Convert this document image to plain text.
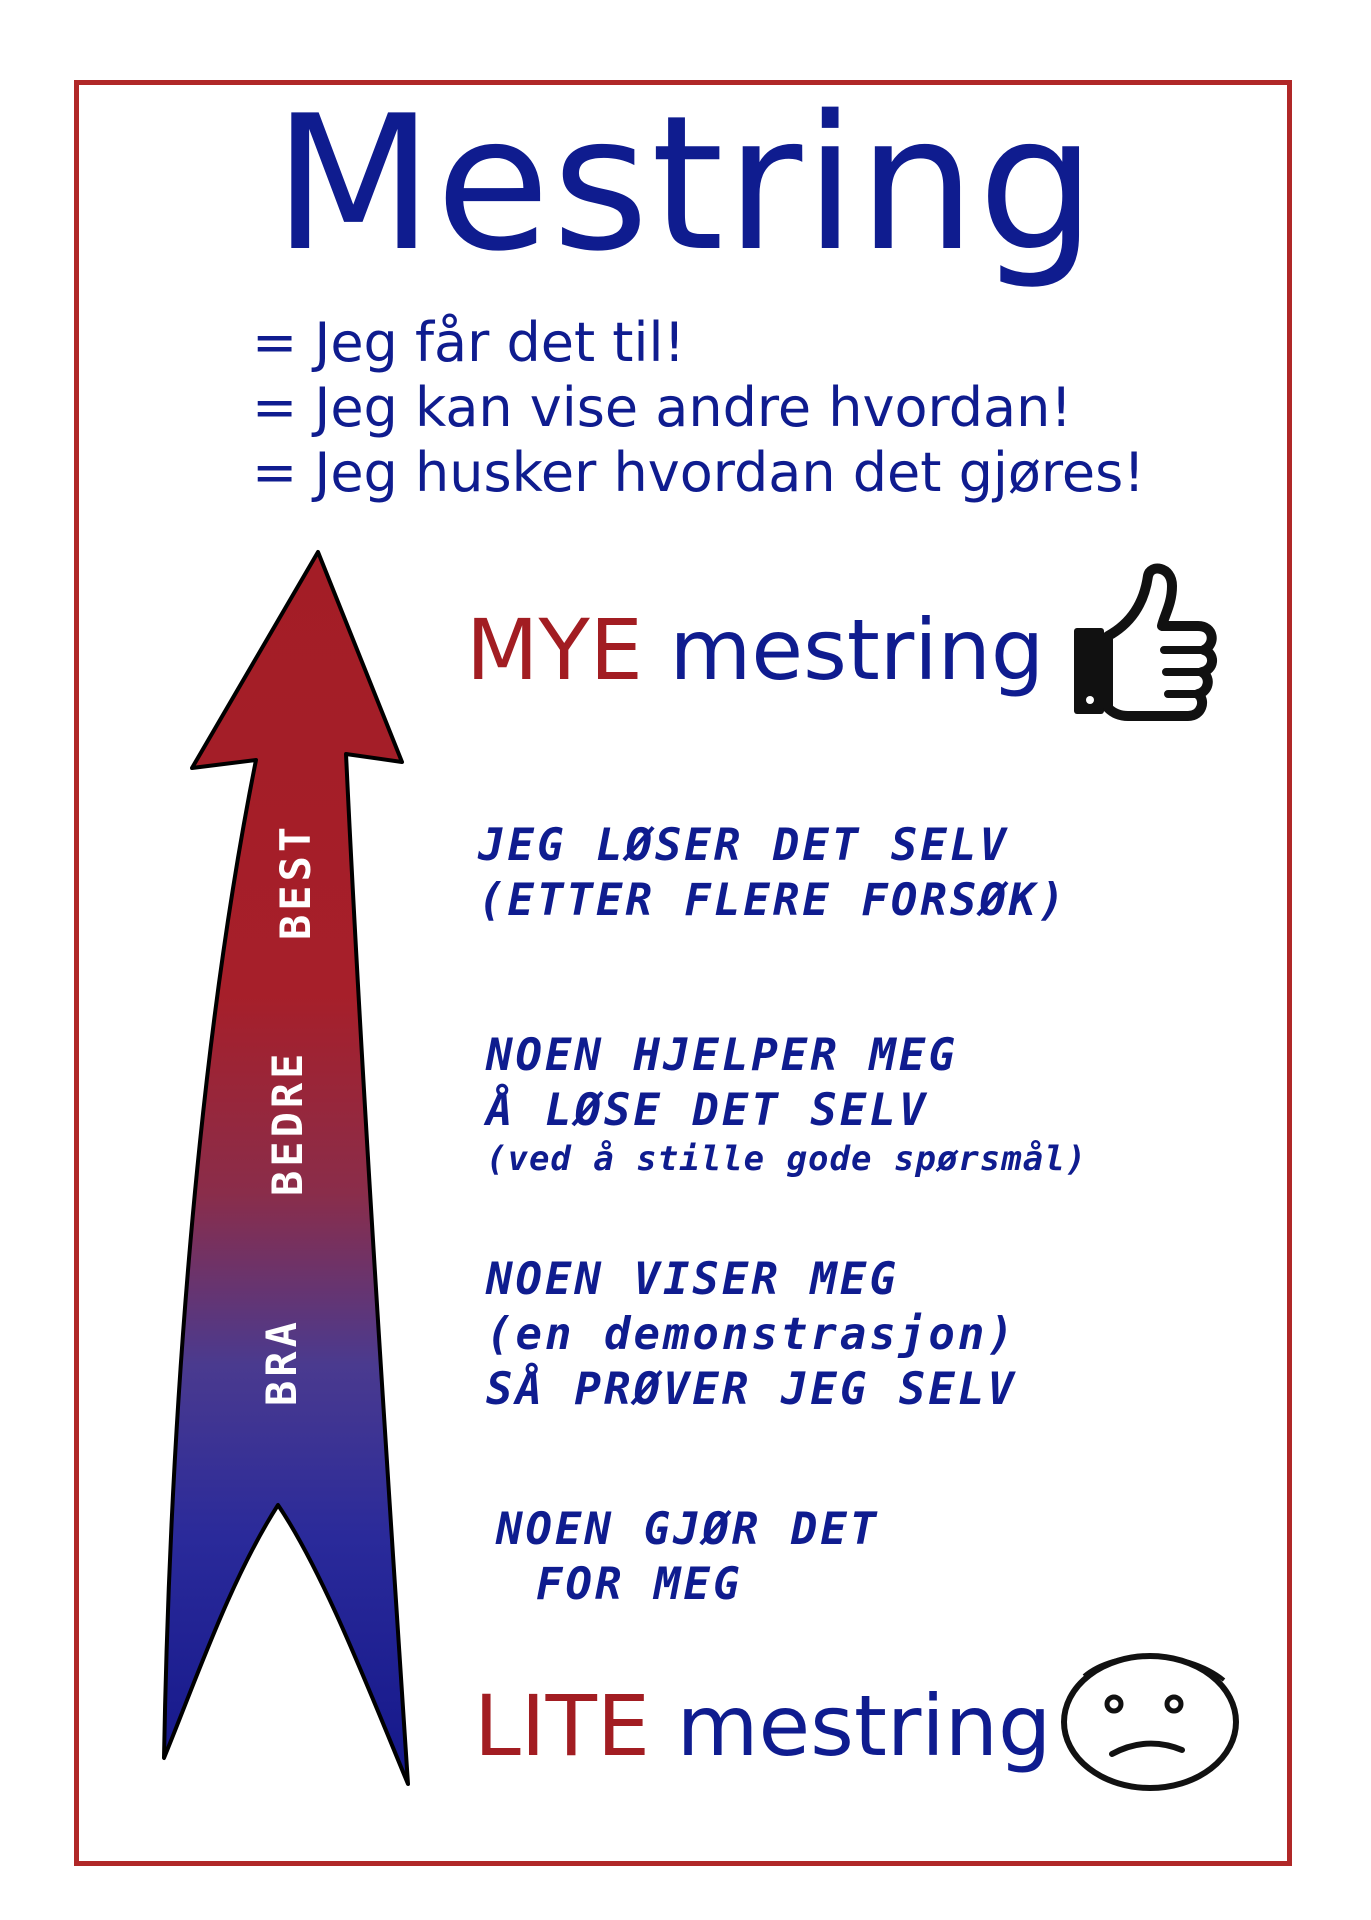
Mestring
= Jeg får det til!
= Jeg kan vise andre hvordan!
= Jeg husker hvordan det gjøres!
BEST
BEDRE
BRA
MYE mestring
JEG LØSER DET SELV
(ETTER FLERE FORSØK)
NOEN HJELPER MEG
Å LØSE DET SELV
(ved å stille gode spørsmål)
NOEN VISER MEG
(en demonstrasjon)
SÅ PRØVER JEG SELV
NOEN GJØR DET
FOR MEG
LITE mestring
